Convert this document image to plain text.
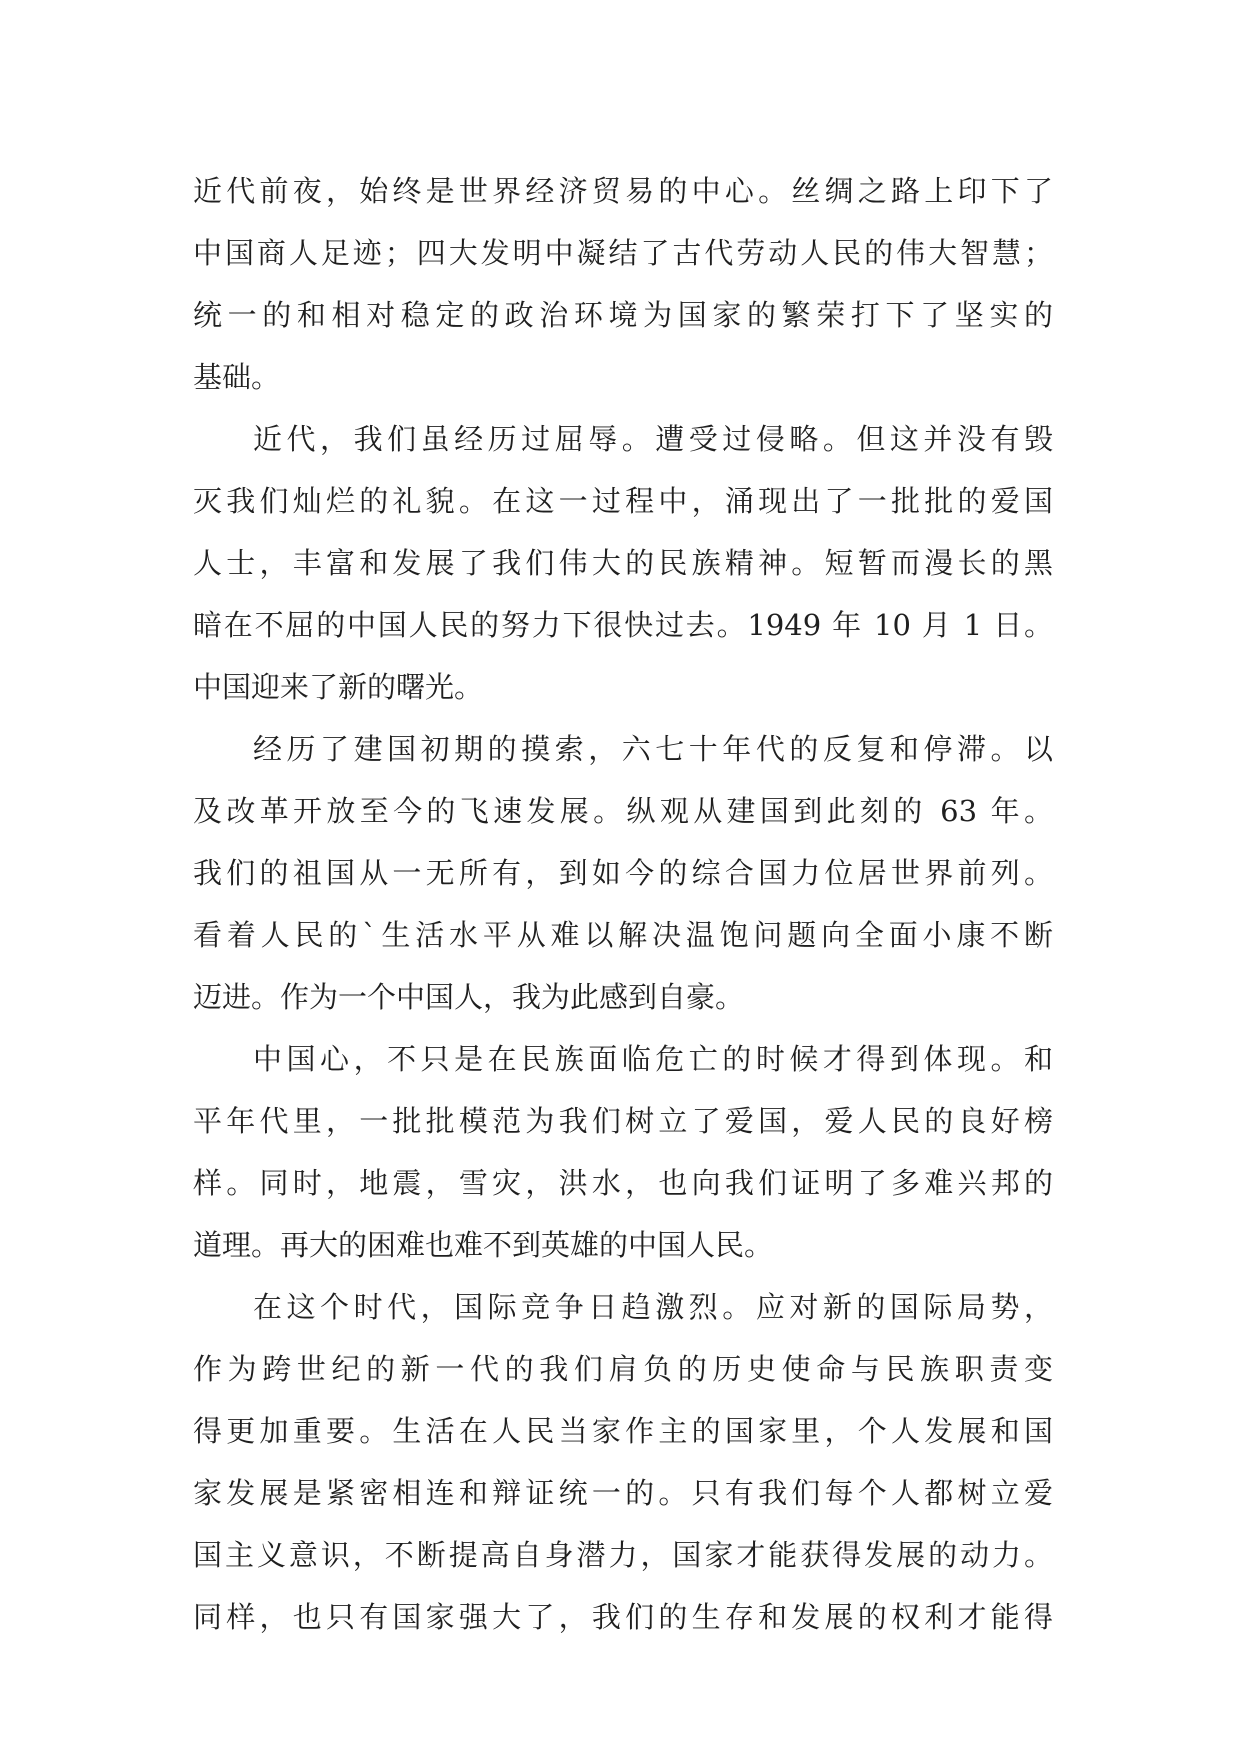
近代前夜，始终是世界经济贸易的中心。丝绸之路上印下了
中国商人足迹；四大发明中凝结了古代劳动人民的伟大智慧；
统一的和相对稳定的政治环境为国家的繁荣打下了坚实的
基础。
近代，我们虽经历过屈辱。遭受过侵略。但这并没有毁
灭我们灿烂的礼貌。在这一过程中，涌现出了一批批的爱国
人士，丰富和发展了我们伟大的民族精神。短暂而漫长的黑
暗在不屈的中国人民的努力下很快过去。1949 年 10 月 1 日。
中国迎来了新的曙光。
经历了建国初期的摸索，六七十年代的反复和停滞。以
及改革开放至今的飞速发展。纵观从建国到此刻的 63 年。
我们的祖国从一无所有，到如今的综合国力位居世界前列。
看着人民的`生活水平从难以解决温饱问题向全面小康不断
迈进。作为一个中国人，我为此感到自豪。
中国心，不只是在民族面临危亡的时候才得到体现。和
平年代里，一批批模范为我们树立了爱国，爱人民的良好榜
样。同时，地震，雪灾，洪水，也向我们证明了多难兴邦的
道理。再大的困难也难不到英雄的中国人民。
在这个时代，国际竞争日趋激烈。应对新的国际局势，
作为跨世纪的新一代的我们肩负的历史使命与民族职责变
得更加重要。生活在人民当家作主的国家里，个人发展和国
家发展是紧密相连和辩证统一的。只有我们每个人都树立爱
国主义意识，不断提高自身潜力，国家才能获得发展的动力。
同样，也只有国家强大了，我们的生存和发展的权利才能得
